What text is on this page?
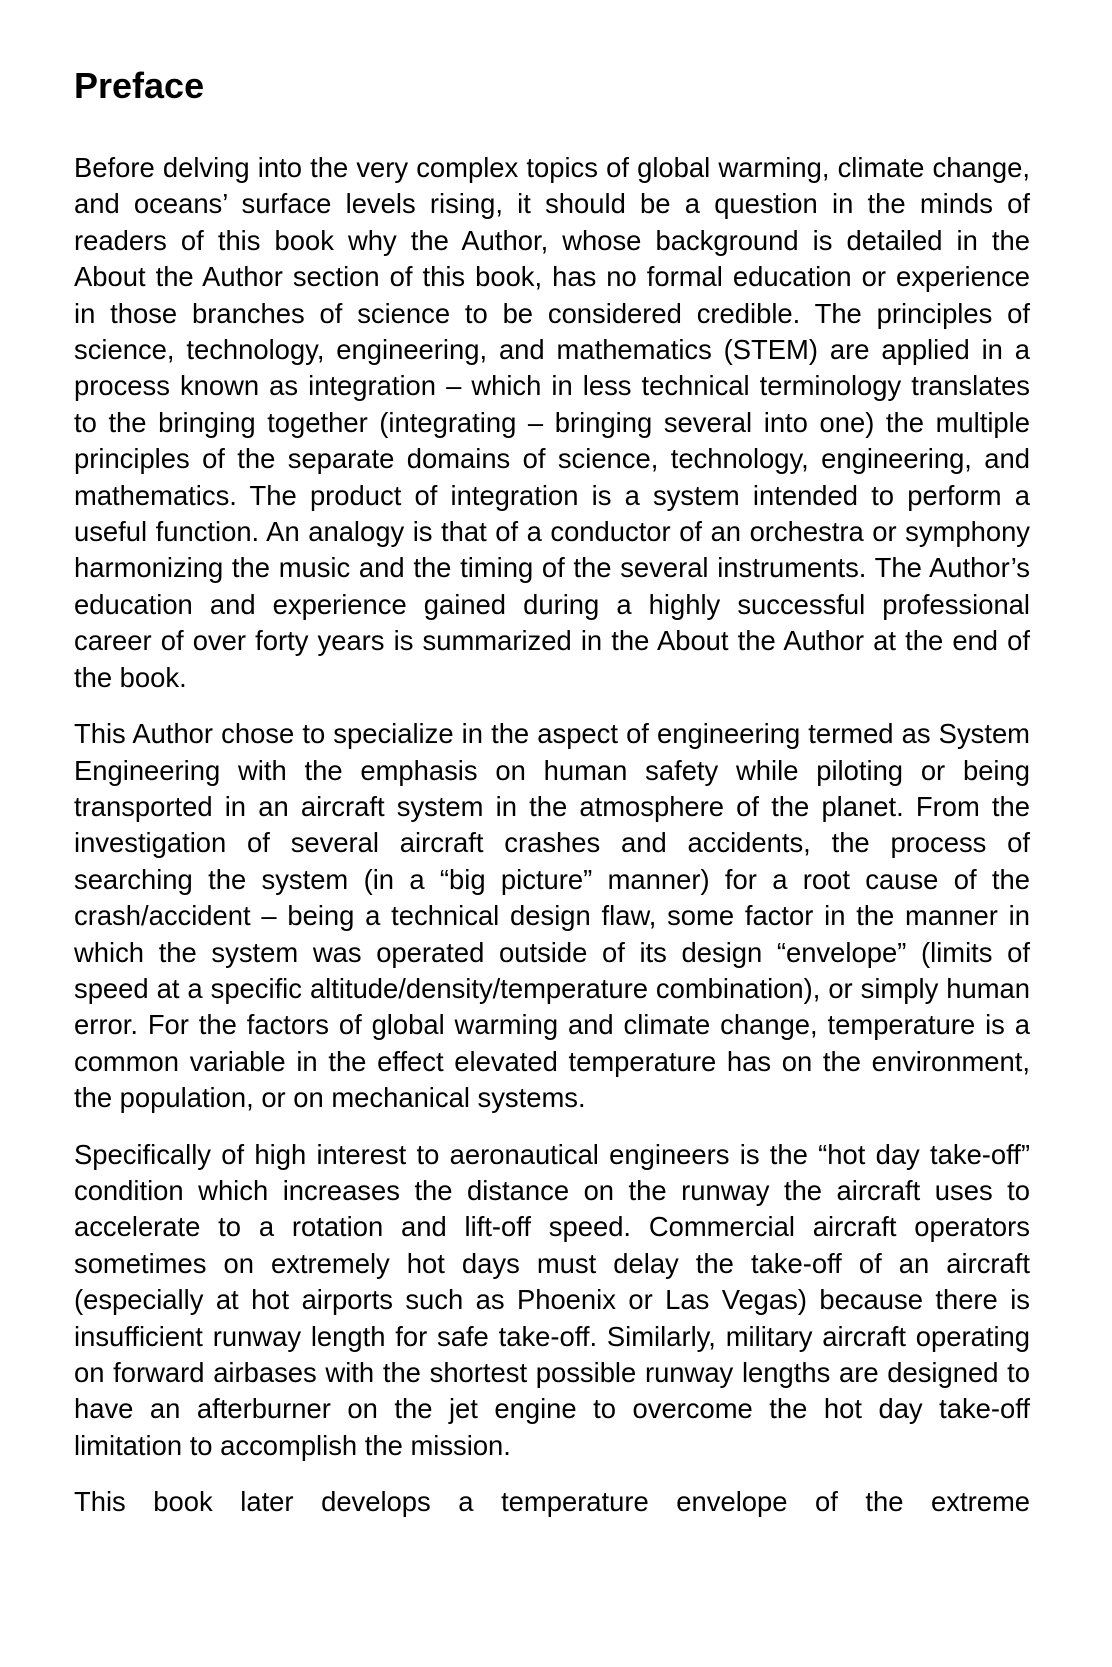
Preface

Before delving into the very complex topics of global warming, climate change, and oceans’ surface levels rising, it should be a question in the minds of readers of this book why the Author, whose background is detailed in the About the Author section of this book, has no formal education or experience in those branches of science to be considered credible. The principles of science, technology, engineering, and mathematics (STEM) are applied in a process known as integration – which in less technical terminology translates to the bringing together (integrating – bringing several into one) the multiple principles of the separate domains of science, technology, engineering, and mathematics. The product of integration is a system intended to perform a useful function. An analogy is that of a conductor of an orchestra or symphony harmonizing the music and the timing of the several instruments. The Author’s education and experience gained during a highly successful professional career of over forty years is summarized in the About the Author at the end of the book.

This Author chose to specialize in the aspect of engineering termed as System Engineering with the emphasis on human safety while piloting or being transported in an aircraft system in the atmosphere of the planet. From the investigation of several aircraft crashes and accidents, the process of searching the system (in a “big picture” manner) for a root cause of the crash/accident – being a technical design flaw, some factor in the manner in which the system was operated outside of its design “envelope” (limits of speed at a specific altitude/density/temperature combination), or simply human error. For the factors of global warming and climate change, temperature is a common variable in the effect elevated temperature has on the environment, the population, or on mechanical systems.

Specifically of high interest to aeronautical engineers is the “hot day take-off” condition which increases the distance on the runway the aircraft uses to accelerate to a rotation and lift-off speed. Commercial aircraft operators sometimes on extremely hot days must delay the take-off of an aircraft (especially at hot airports such as Phoenix or Las Vegas) because there is insufficient runway length for safe take-off. Similarly, military aircraft operating on forward airbases with the shortest possible runway lengths are designed to have an afterburner on the jet engine to overcome the hot day take-off limitation to accomplish the mission.

This book later develops a temperature envelope of the extreme
